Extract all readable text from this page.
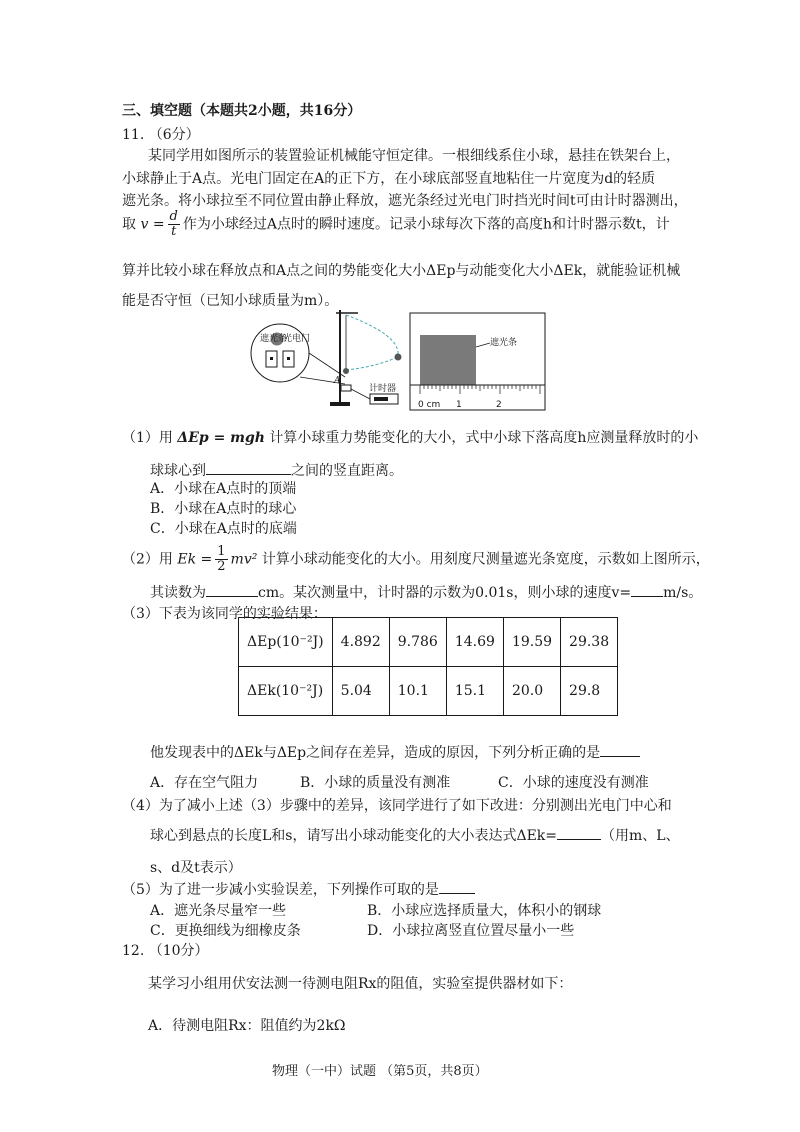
三、填空题（本题共2小题，共16分）
11. （6分）
某同学用如图所示的装置验证机械能守恒定律。一根细线系住小球，悬挂在铁架台上，
小球静止于A点。光电门固定在A的正下方，在小球底部竖直地粘住一片宽度为d的轻质
遮光条。将小球拉至不同位置由静止释放，遮光条经过光电门时挡光时间t可由计时器测出，
取 $v = \frac{d}{t}$ 作为小球经过A点时的瞬时速度。记录小球每次下落的高度h和计时器示数t，计
算并比较小球在释放点和A点之间的势能变化大小ΔEp与动能变化大小ΔEk，就能验证机械
能是否守恒（已知小球质量为m）。
遮光条
光电门
A
计时器
遮光条
0 cm 1	2
（1）用 ΔEp = mgh 计算小球重力势能变化的大小，式中小球下落高度h应测量释放时的小
球球心到	之间的竖直距离。
A．小球在A点时的顶端
B．小球在A点时的球心
C．小球在A点时的底端
（2）用 $Ek = \frac{1}{2} mv^2$ 计算小球动能变化的大小。用刻度尺测量遮光条宽度，示数如上图所示，
其读数为	cm。某次测量中，计时器的示数为0.01s，则小球的速度v= m/s。
（3）下表为该同学的实验结果：
ΔEp(10⁻²J)	4.892	9.786	14.69	19.59	29.38
ΔEk(10⁻²J)	5.04	10.1	15.1	20.0	29.8
他发现表中的ΔEk与ΔEp之间存在差异，造成的原因，下列分析正确的是
A．存在空气阻力	B．小球的质量没有测准	C．小球的速度没有测准
（4）为了减小上述（3）步骤中的差异，该同学进行了如下改进：分别测出光电门中心和
球心到悬点的长度L和s，请写出小球动能变化的大小表达式ΔEk=	（用m、L、
s、d及t表示）
（5）为了进一步减小实验误差，下列操作可取的是
A．遮光条尽量窄一些	B．小球应选择质量大，体积小的钢球
C．更换细线为细橡皮条	D．小球拉离竖直位置尽量小一些
12. （10分）
某学习小组用伏安法测一待测电阻Rx的阻值，实验室提供器材如下：
A．待测电阻Rx：阻值约为2kΩ
物理（一中）试题 （第5页，共8页）
